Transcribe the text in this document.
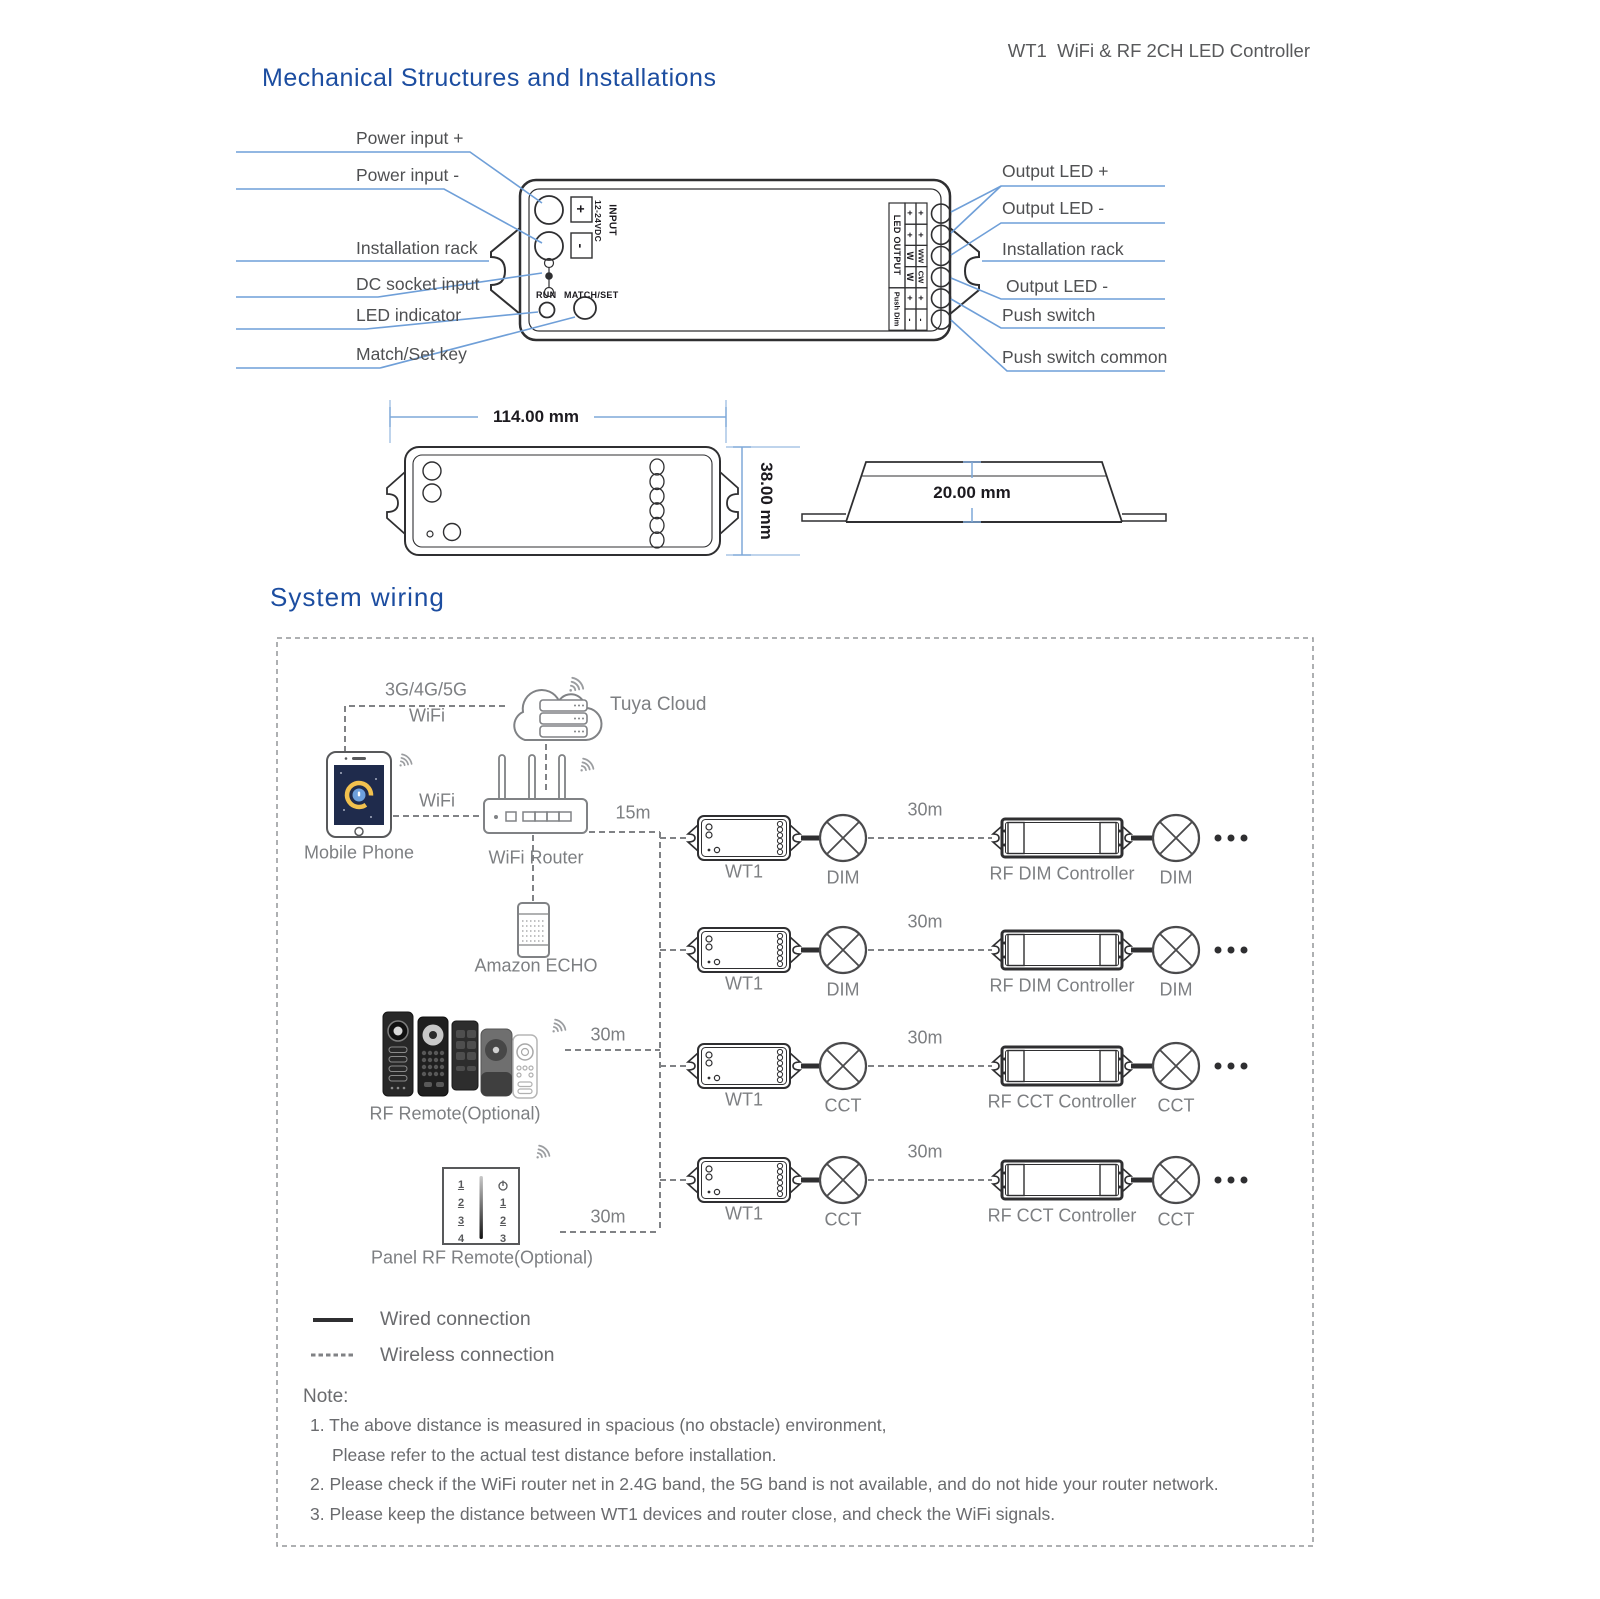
WT1  WiFi & RF 2CH LED Controller
Mechanical Structures and Installations
System wiring
Power input +
Power input -
Installation rack
DC socket input
LED indicator
Match/Set key
Output LED +
Output LED -
Installation rack
Output LED -
Push switch
Push switch common
+
-
INPUT
12-24VDC
RUN MATCH/SET
LED OUTPUT
Push Dim
+ +
+ +
W WW
W CW
+ +
- -
114.00 mm
38.00 mm	20.00 mm
3G/4G/5G
WiFi
Tuya Cloud
WiFi
Mobile Phone	WiFi Router
Amazon ECHO
15m
RF Remote(Optional)
Panel RF Remote(Optional)
30m
30m
1
2
3
4
1
2
3
30m
WT1	DIM	RF DIM Controller DIM
30m
WT1	DIM	RF DIM Controller DIM
30m
WT1	CCT	RF CCT Controller CCT
30m
WT1	CCT	RF CCT Controller CCT
Wired connection
Wireless connection
Note:
1. The above distance is measured in spacious (no obstacle) environment,
Please refer to the actual test distance before installation.
2. Please check if the WiFi router net in 2.4G band, the 5G band is not available, and do not hide your router network.
3. Please keep the distance between WT1 devices and router close, and check the WiFi signals.
